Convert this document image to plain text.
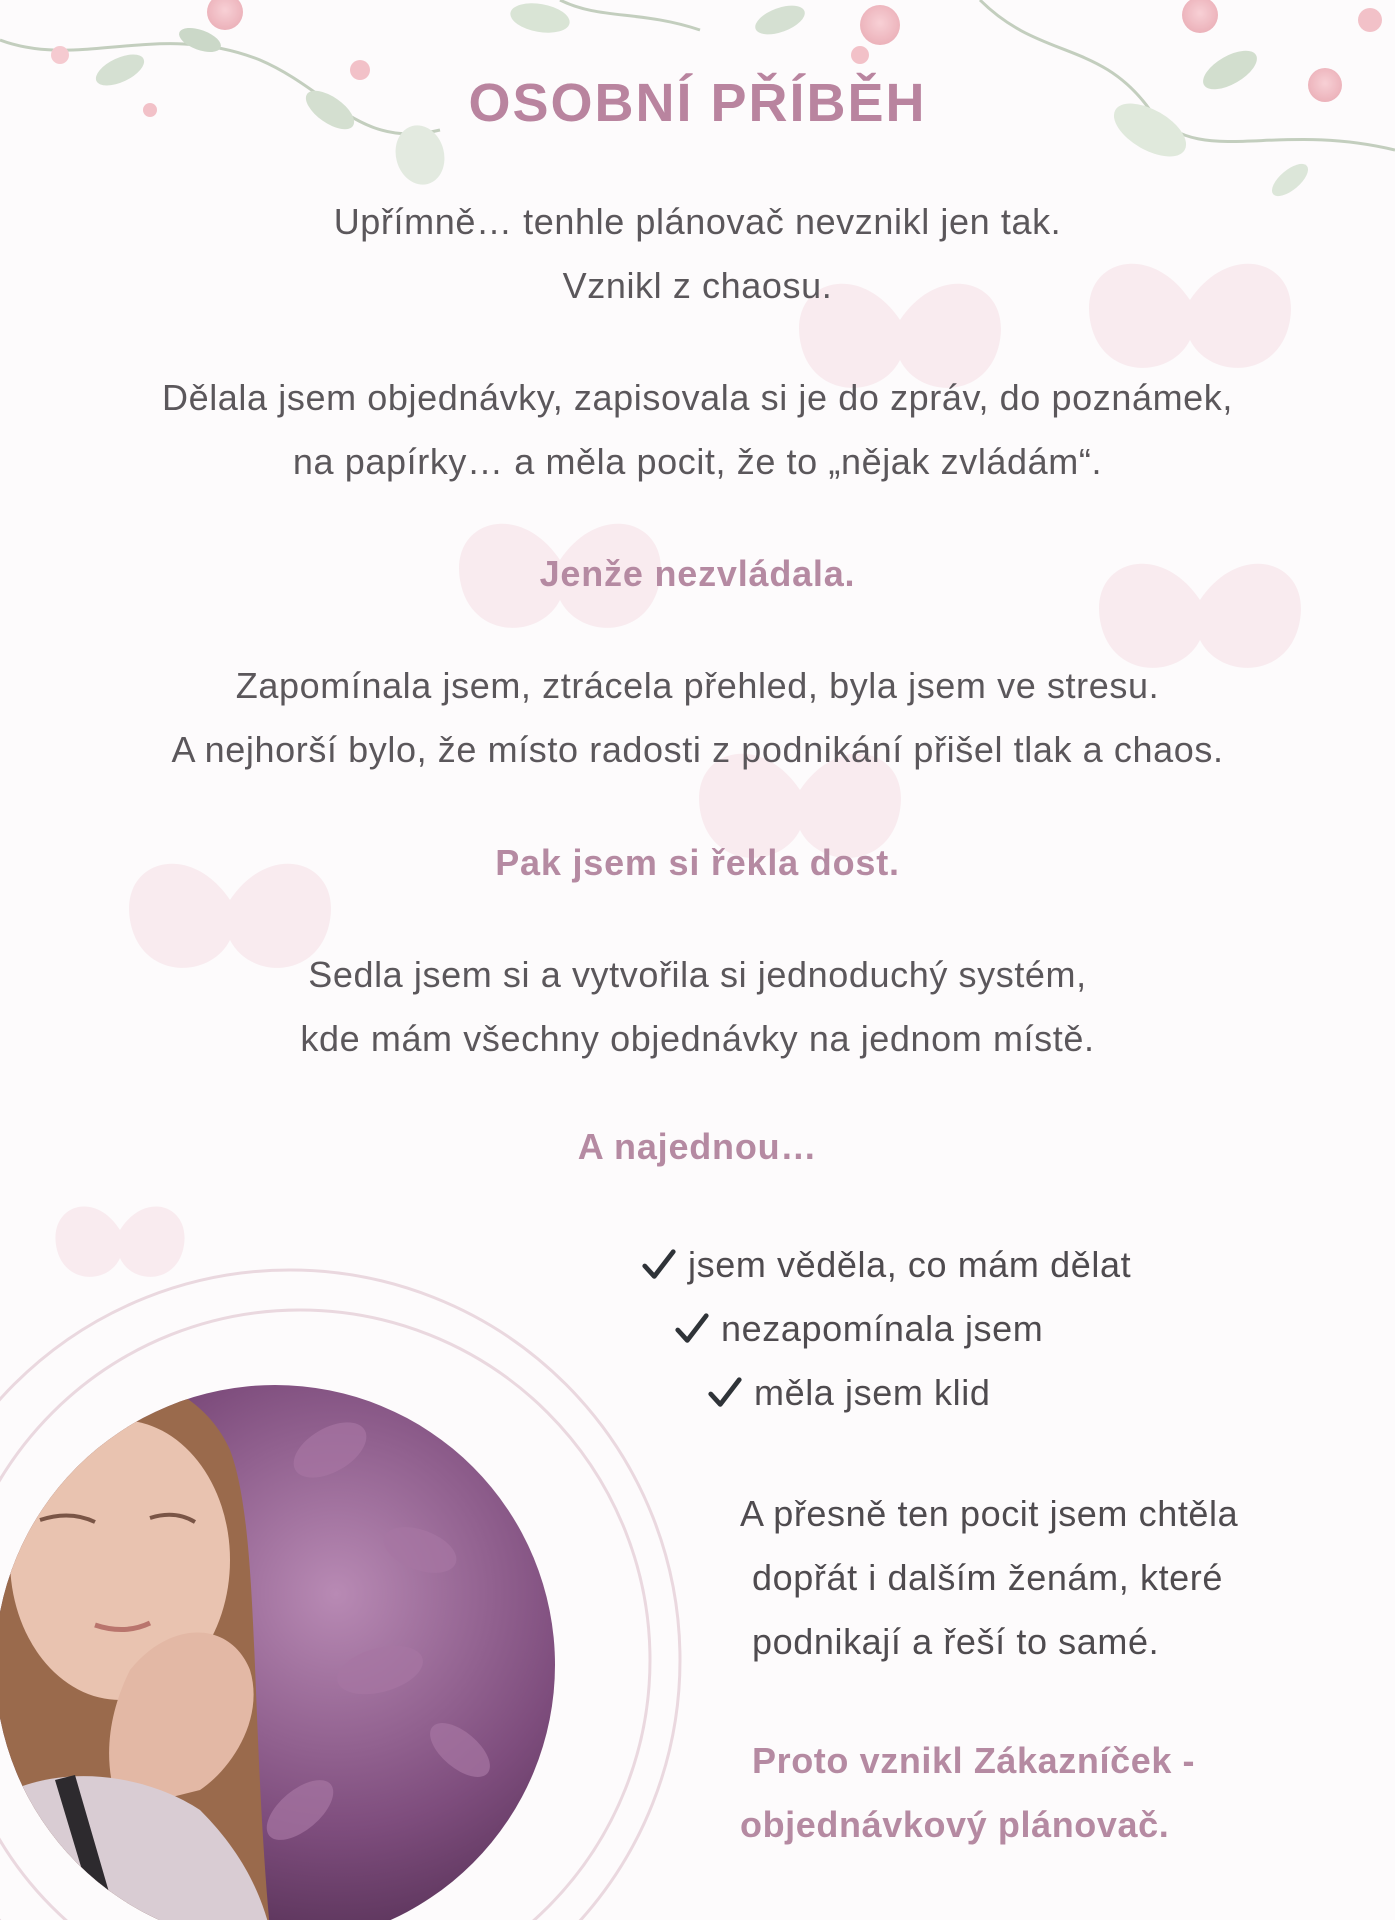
OSOBNÍ PŘÍBĚH

Upřímně… tenhle plánovač nevznikl jen tak.
Vznikl z chaosu.

Dělala jsem objednávky, zapisovala si je do zpráv, do poznámek,
na papírky… a měla pocit, že to „nějak zvládám“.

Jenže nezvládala.

Zapomínala jsem, ztrácela přehled, byla jsem ve stresu.
A nejhorší bylo, že místo radosti z podnikání přišel tlak a chaos.

Pak jsem si řekla dost.

Sedla jsem si a vytvořila si jednoduchý systém,
kde mám všechny objednávky na jednom místě.

A najednou…

jsem věděla, co mám dělat
nezapomínala jsem
měla jsem klid

A přesně ten pocit jsem chtěla

dopřát i dalším ženám, které

podnikají a řeší to samé.

Proto vznikl Zákazníček -

objednávkový plánovač.
